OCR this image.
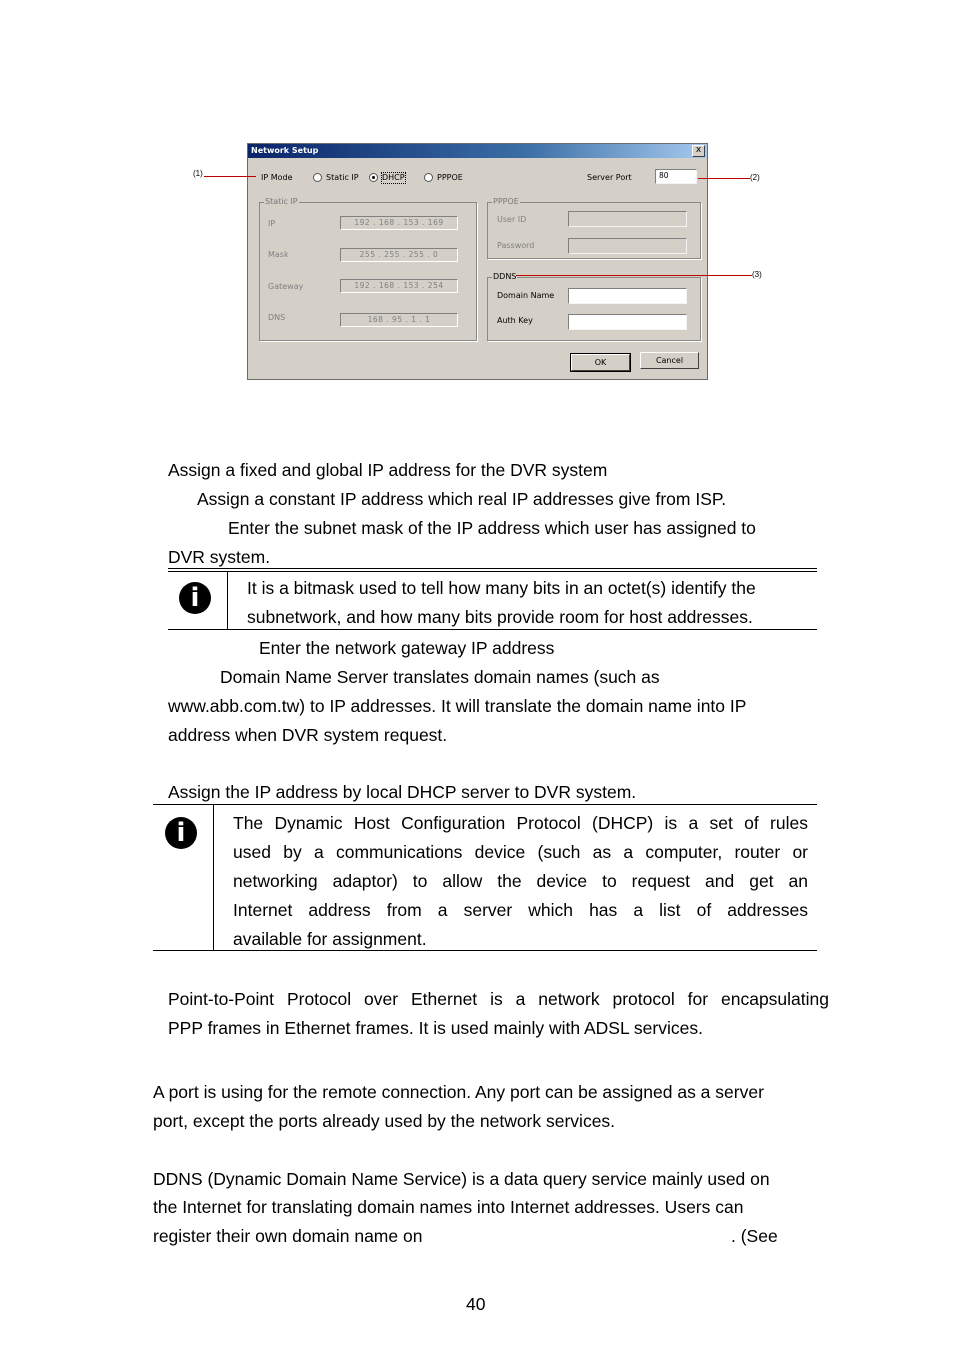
Network Setup	x
IP Mode	Static IP	DHCP	PPPOE	Server Port	80
Static IP
IP	192 . 168 . 153 . 169
Mask	255 . 255 . 255 . 0
Gateway	192 . 168 . 153 . 254
DNS	168 . 95 . 1 . 1
PPPOE
User ID
Password
DDNS
Domain Name
Auth Key
OK	Cancel
(1)	(2)
(3)
Assign a fixed and global IP address for the DVR system
Assign a constant IP address which real IP addresses give from ISP.
Enter the subnet mask of the IP address which user has assigned to
DVR system.
i	It is a bitmask used to tell how many bits in an octet(s) identify the
subnetwork, and how many bits provide room for host addresses.
Enter the network gateway IP address
Domain Name Server translates domain names (such as
www.abb.com.tw) to IP addresses. It will translate the domain name into IP
address when DVR system request.
Assign the IP address by local DHCP server to DVR system.
i	The Dynamic Host Configuration Protocol (DHCP) is a set of rules
used by a communications device (such as a computer, router or
networking adaptor) to allow the device to request and get an
Internet address from a server which has a list of addresses
available for assignment.
Point-to-Point Protocol over Ethernet is a network protocol for encapsulating
PPP frames in Ethernet frames. It is used mainly with ADSL services.
A port is using for the remote connection. Any port can be assigned as a server
port, except the ports already used by the network services.
DDNS (Dynamic Domain Name Service) is a data query service mainly used on
the Internet for translating domain names into Internet addresses. Users can
register their own domain name on	. (See
40
